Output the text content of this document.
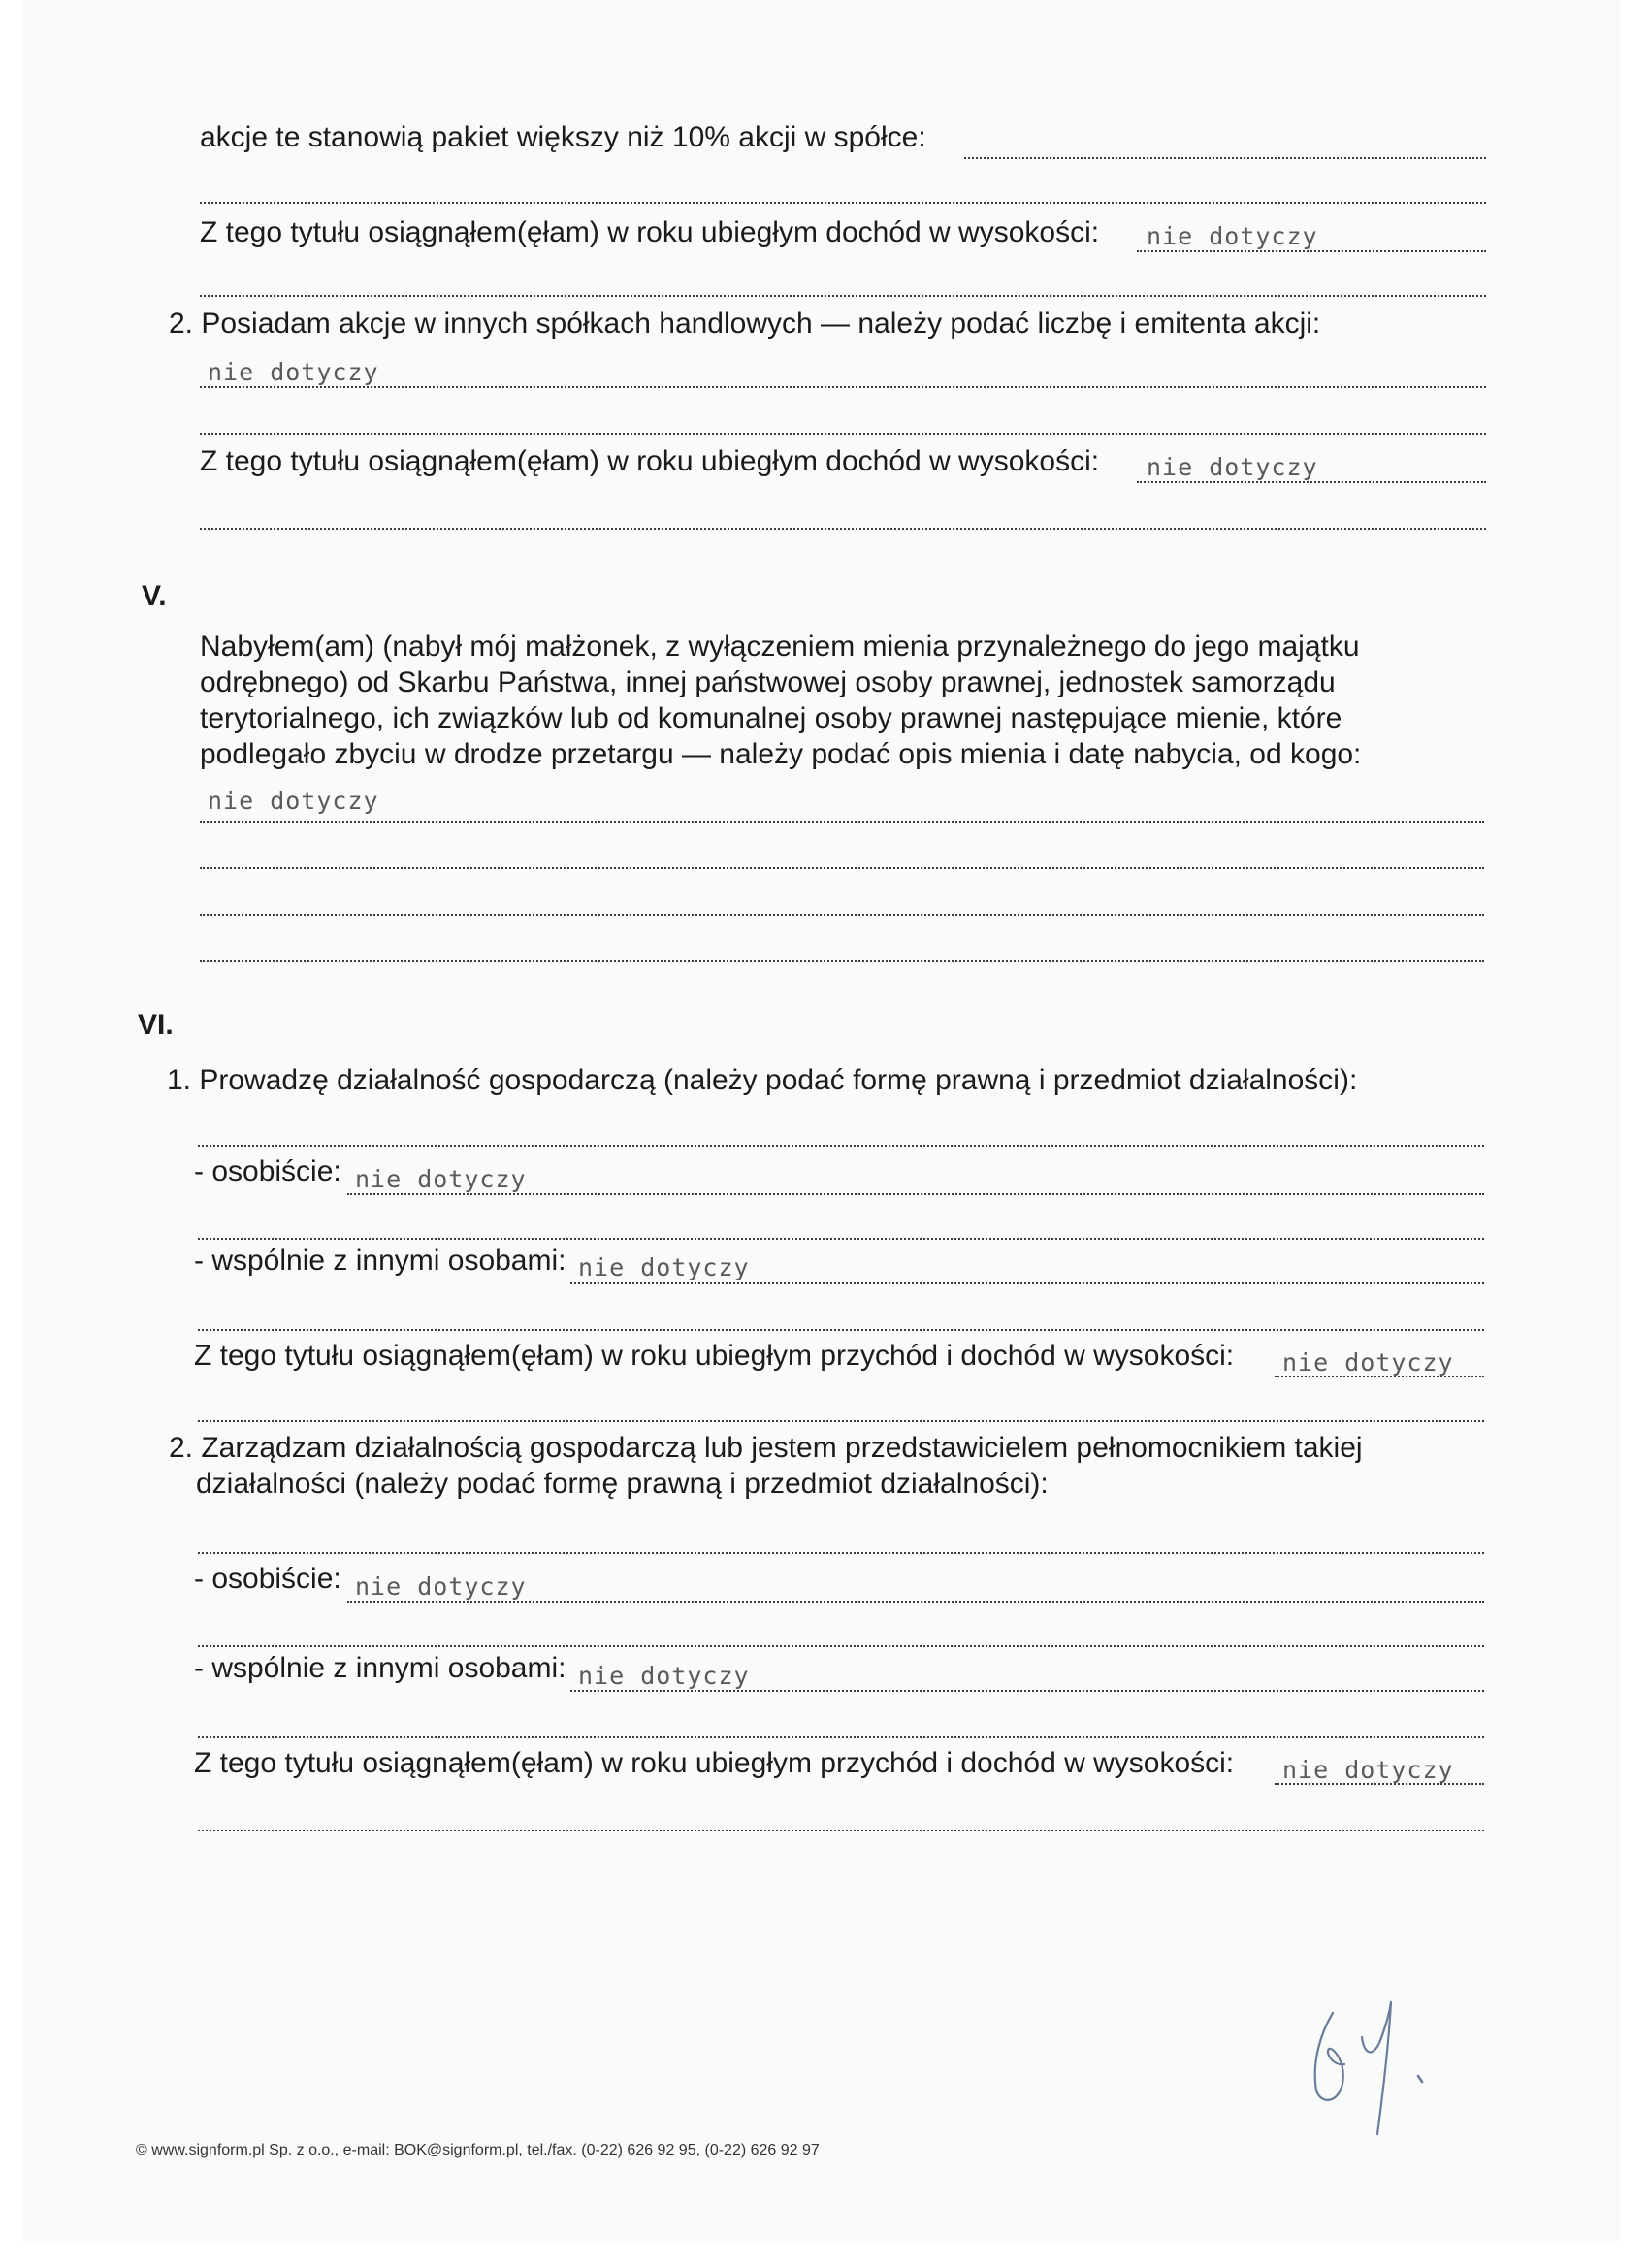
akcje te stanowią pakiet większy niż 10% akcji w spółce:
Z tego tytułu osiągnąłem(ęłam) w roku ubiegłym dochód w wysokości: nie dotyczy
2. Posiadam akcje w innych spółkach handlowych — należy podać liczbę i emitenta akcji:
nie dotyczy
Z tego tytułu osiągnąłem(ęłam) w roku ubiegłym dochód w wysokości: nie dotyczy
V.
Nabyłem(am) (nabył mój małżonek, z wyłączeniem mienia przynależnego do jego majątku odrębnego) od Skarbu Państwa, innej państwowej osoby prawnej, jednostek samorządu terytorialnego, ich związków lub od komunalnej osoby prawnej następujące mienie, które podlegało zbyciu w drodze przetargu — należy podać opis mienia i datę nabycia, od kogo:
nie dotyczy
VI.
1. Prowadzę działalność gospodarczą (należy podać formę prawną i przedmiot działalności):
- osobiście: nie dotyczy
- wspólnie z innymi osobami: nie dotyczy
Z tego tytułu osiągnąłem(ęłam) w roku ubiegłym przychód i dochód w wysokości: nie dotyczy
2. Zarządzam działalnością gospodarczą lub jestem przedstawicielem pełnomocnikiem takiej działalności (należy podać formę prawną i przedmiot działalności):
- osobiście: nie dotyczy
- wspólnie z innymi osobami: nie dotyczy
Z tego tytułu osiągnąłem(ęłam) w roku ubiegłym przychód i dochód w wysokości: nie dotyczy
© www.signform.pl Sp. z o.o., e-mail: BOK@signform.pl, tel./fax. (0-22) 626 92 95, (0-22) 626 92 97
